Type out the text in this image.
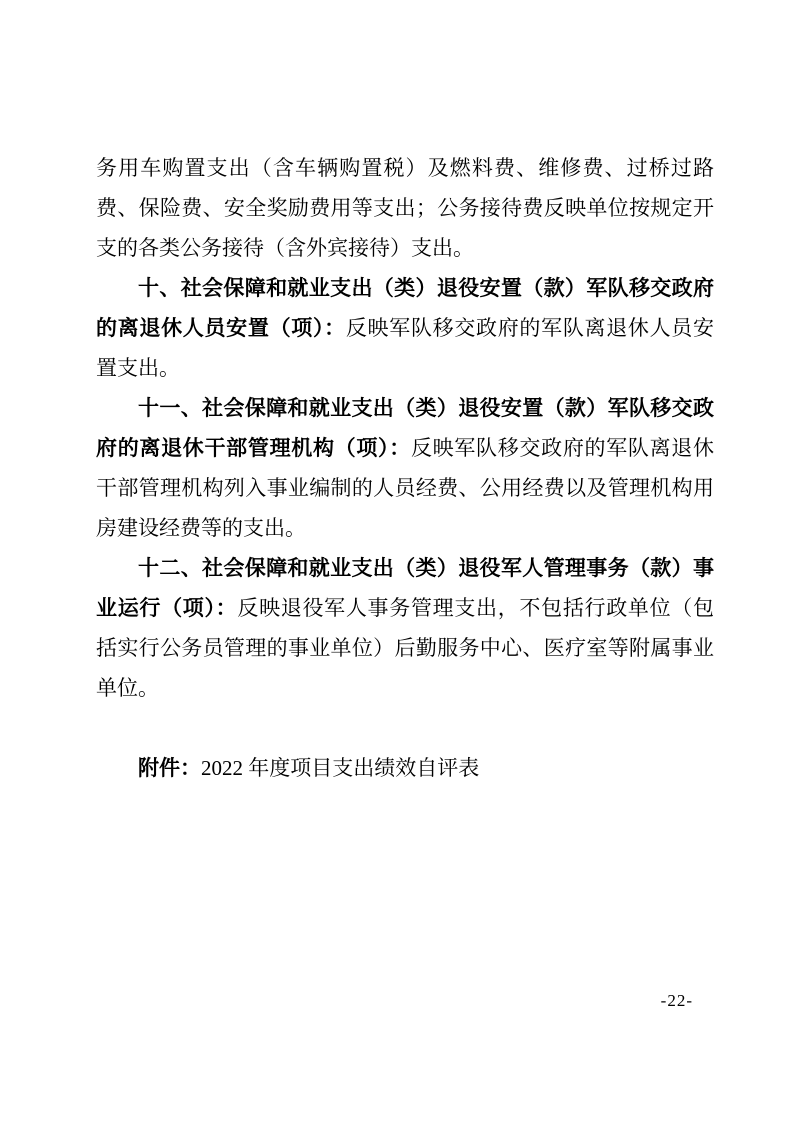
务用车购置支出（含车辆购置税）及燃料费、维修费、过桥过路费、保险费、安全奖励费用等支出；公务接待费反映单位按规定开支的各类公务接待（含外宾接待）支出。

十、社会保障和就业支出（类）退役安置（款）军队移交政府的离退休人员安置（项）：反映军队移交政府的军队离退休人员安置支出。

十一、社会保障和就业支出（类）退役安置（款）军队移交政府的离退休干部管理机构（项）：反映军队移交政府的军队离退休干部管理机构列入事业编制的人员经费、公用经费以及管理机构用房建设经费等的支出。

十二、社会保障和就业支出（类）退役军人管理事务（款）事业运行（项）：反映退役军人事务管理支出，不包括行政单位（包括实行公务员管理的事业单位）后勤服务中心、医疗室等附属事业单位。

附件：2022 年度项目支出绩效自评表

-22-
